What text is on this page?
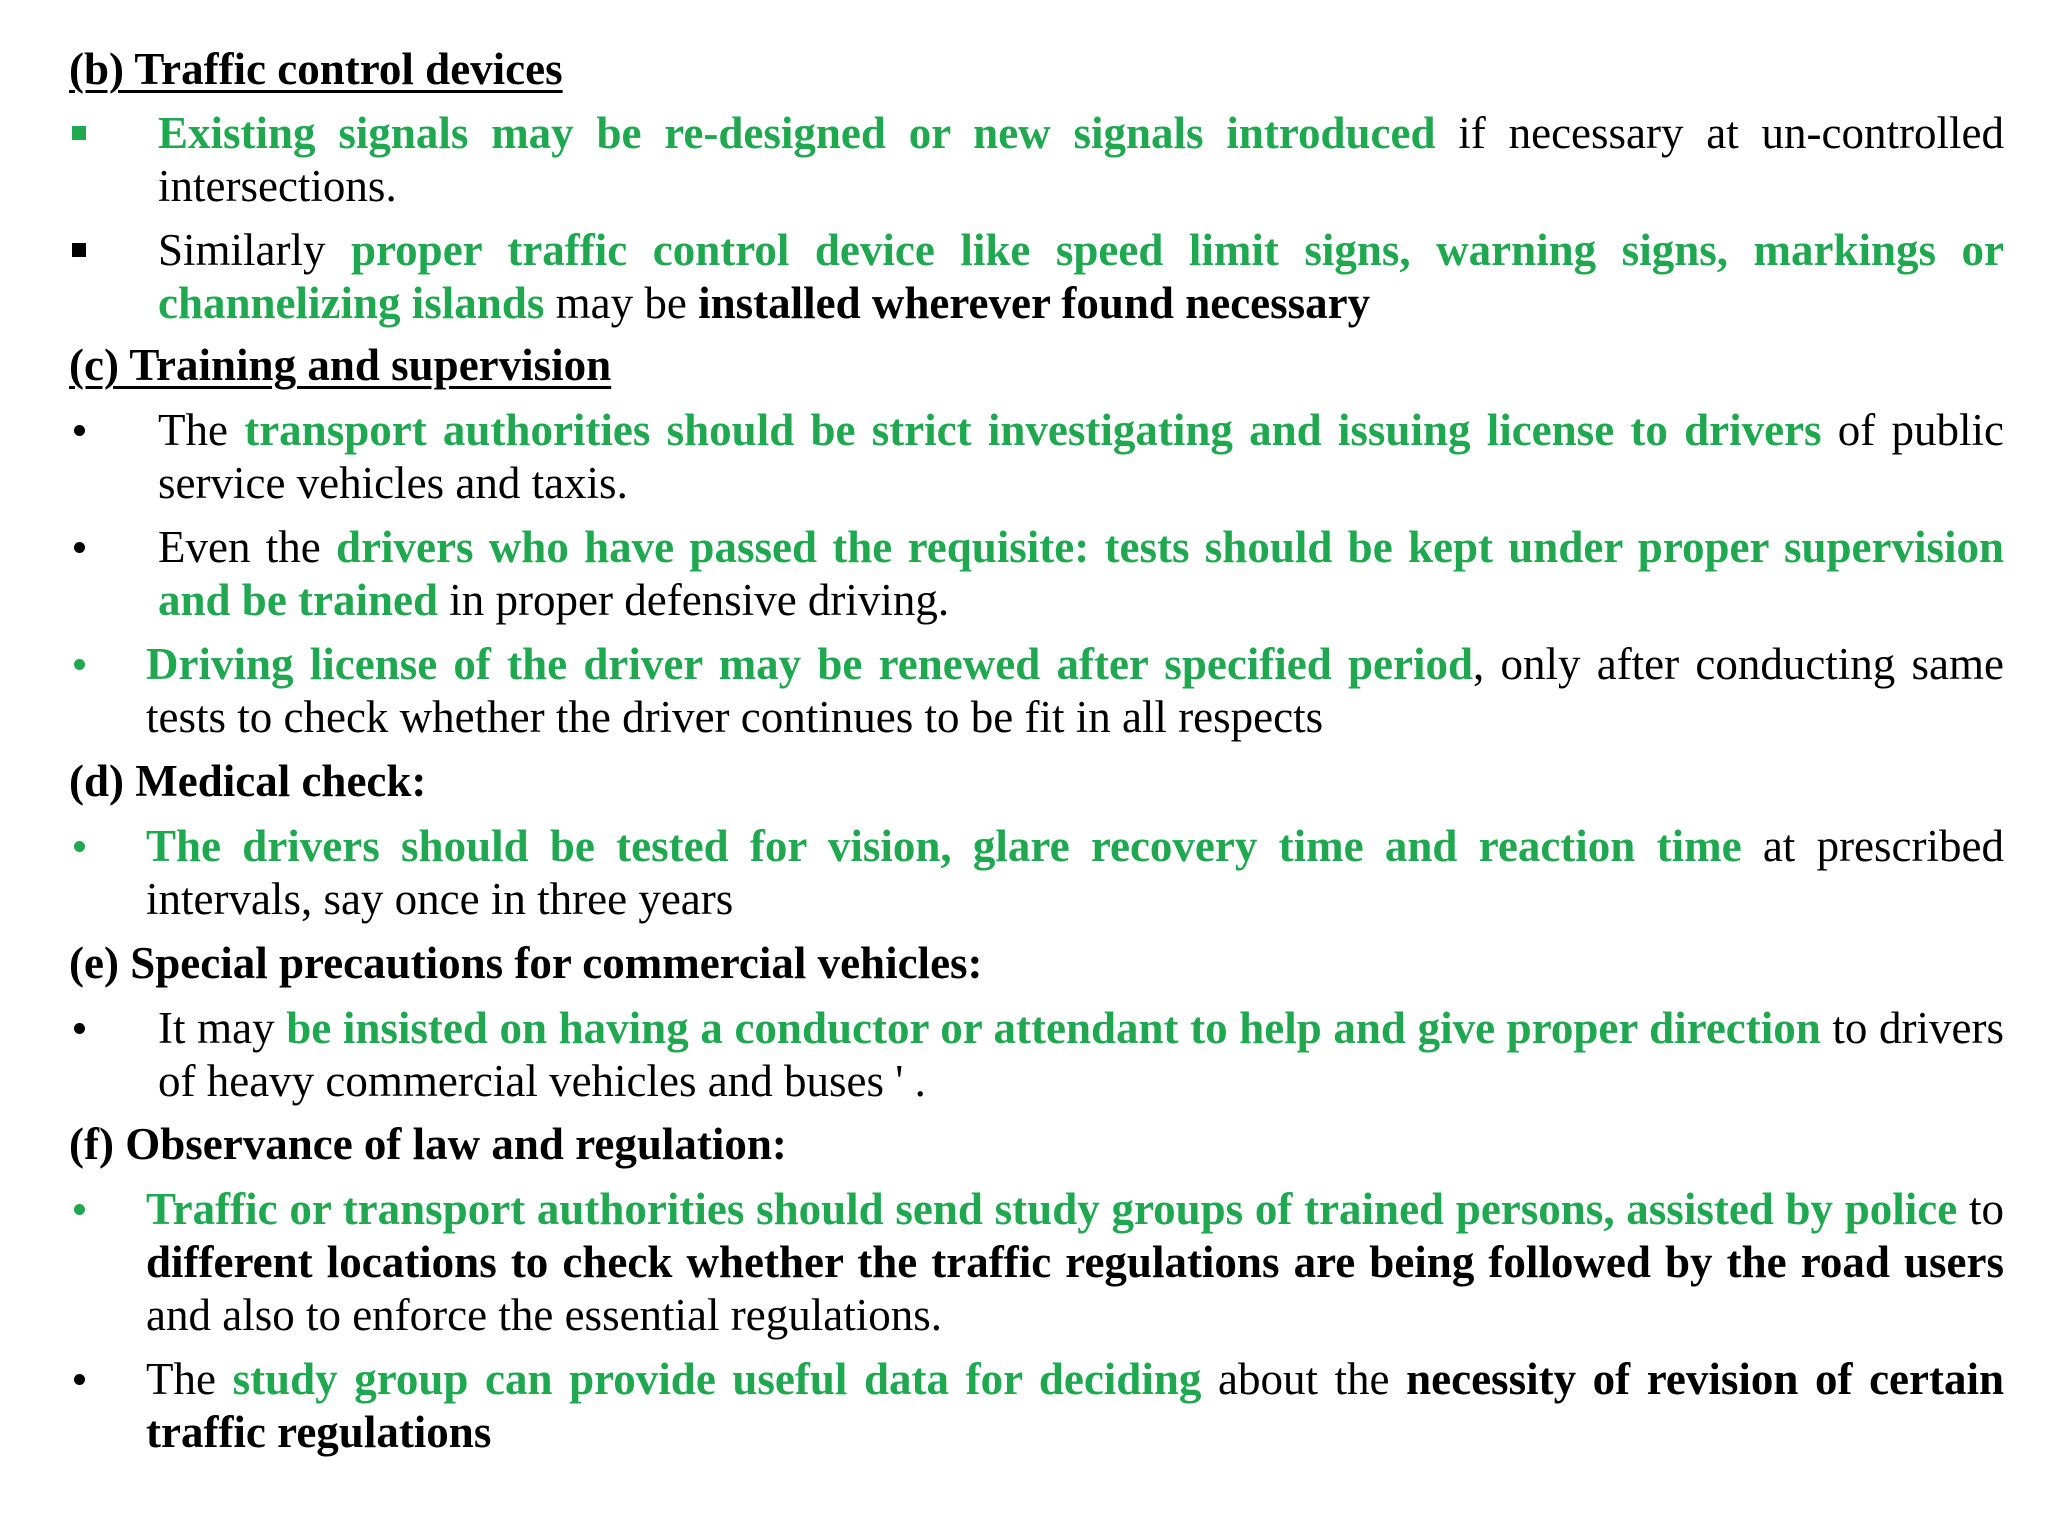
(b) Traffic control devices
Existing signals may be re-designed or new signals introduced if necessary at un-controlled intersections.
Similarly proper traffic control device like speed limit signs, warning signs, markings or channelizing islands may be installed wherever found necessary
(c) Training and supervision
The transport authorities should be strict investigating and issuing license to drivers of public service vehicles and taxis.
Even the drivers who have passed the requisite: tests should be kept under proper supervision and be trained in proper defensive driving.
Driving license of the driver may be renewed after specified period, only after conducting same tests to check whether the driver continues to be fit in all respects
(d) Medical check:
The drivers should be tested for vision, glare recovery time and reaction time at prescribed intervals, say once in three years
(e) Special precautions for commercial vehicles:
It may be insisted on having a conductor or attendant to help and give proper direction to drivers of heavy commercial vehicles and buses ' .
(f) Observance of law and regulation:
Traffic or transport authorities should send study groups of trained persons, assisted by police to different locations to check whether the traffic regulations are being followed by the road users and also to enforce the essential regulations.
The study group can provide useful data for deciding about the necessity of revision of certain traffic regulations
